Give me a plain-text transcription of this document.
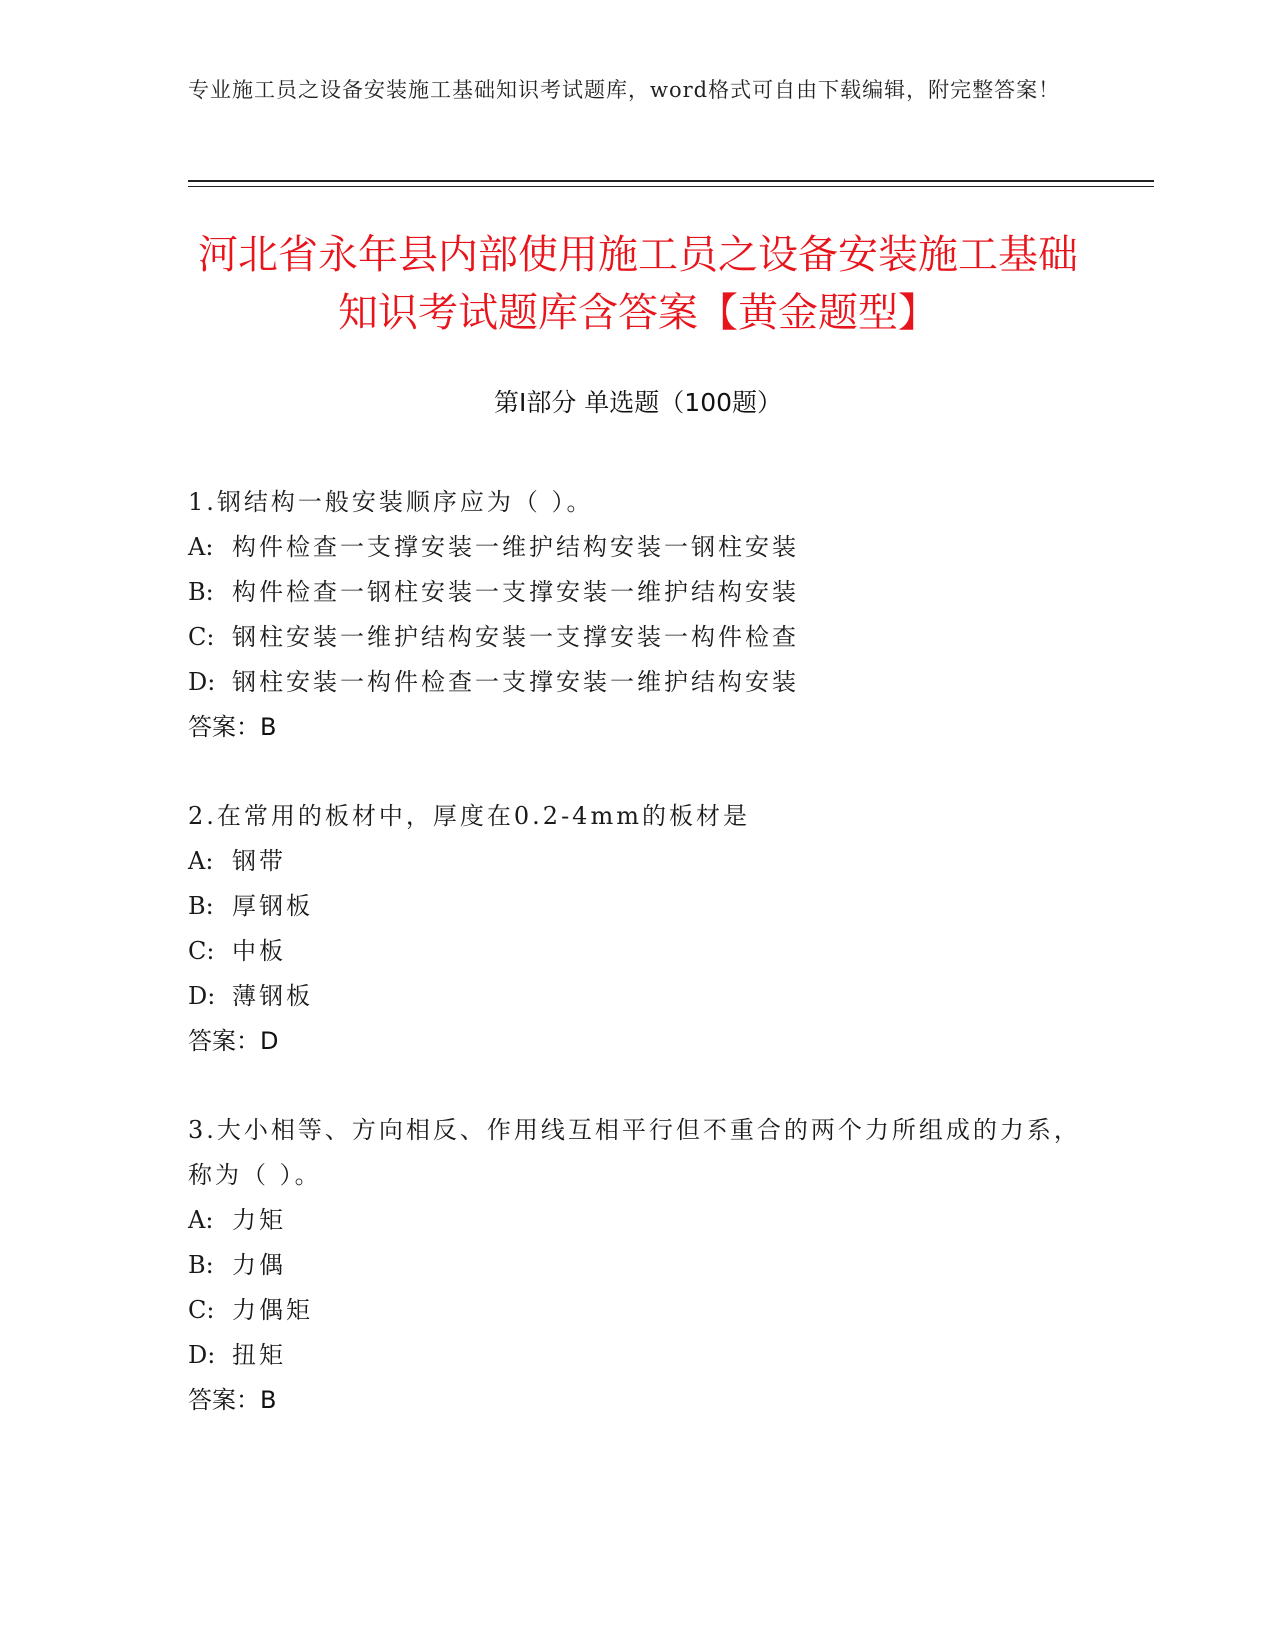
专业施工员之设备安装施工基础知识考试题库，word格式可自由下载编辑，附完整答案！
河北省永年县内部使用施工员之设备安装施工基础知识考试题库含答案【黄金题型】
第Ⅰ部分 单选题（100题）

1.钢结构一般安装顺序应为（ ）。

A: 构件检查一支撑安装一维护结构安装一钢柱安装

B: 构件检查一钢柱安装一支撑安装一维护结构安装

C: 钢柱安装一维护结构安装一支撑安装一构件检查

D: 钢柱安装一构件检查一支撑安装一维护结构安装

答案：B

2.在常用的板材中，厚度在0.2-4mm的板材是

A: 钢带

B: 厚钢板

C: 中板

D: 薄钢板

答案：D

3.大小相等、方向相反、作用线互相平行但不重合的两个力所组成的力系，称为（ ）。

A: 力矩

B: 力偶

C: 力偶矩

D: 扭矩

答案：B
